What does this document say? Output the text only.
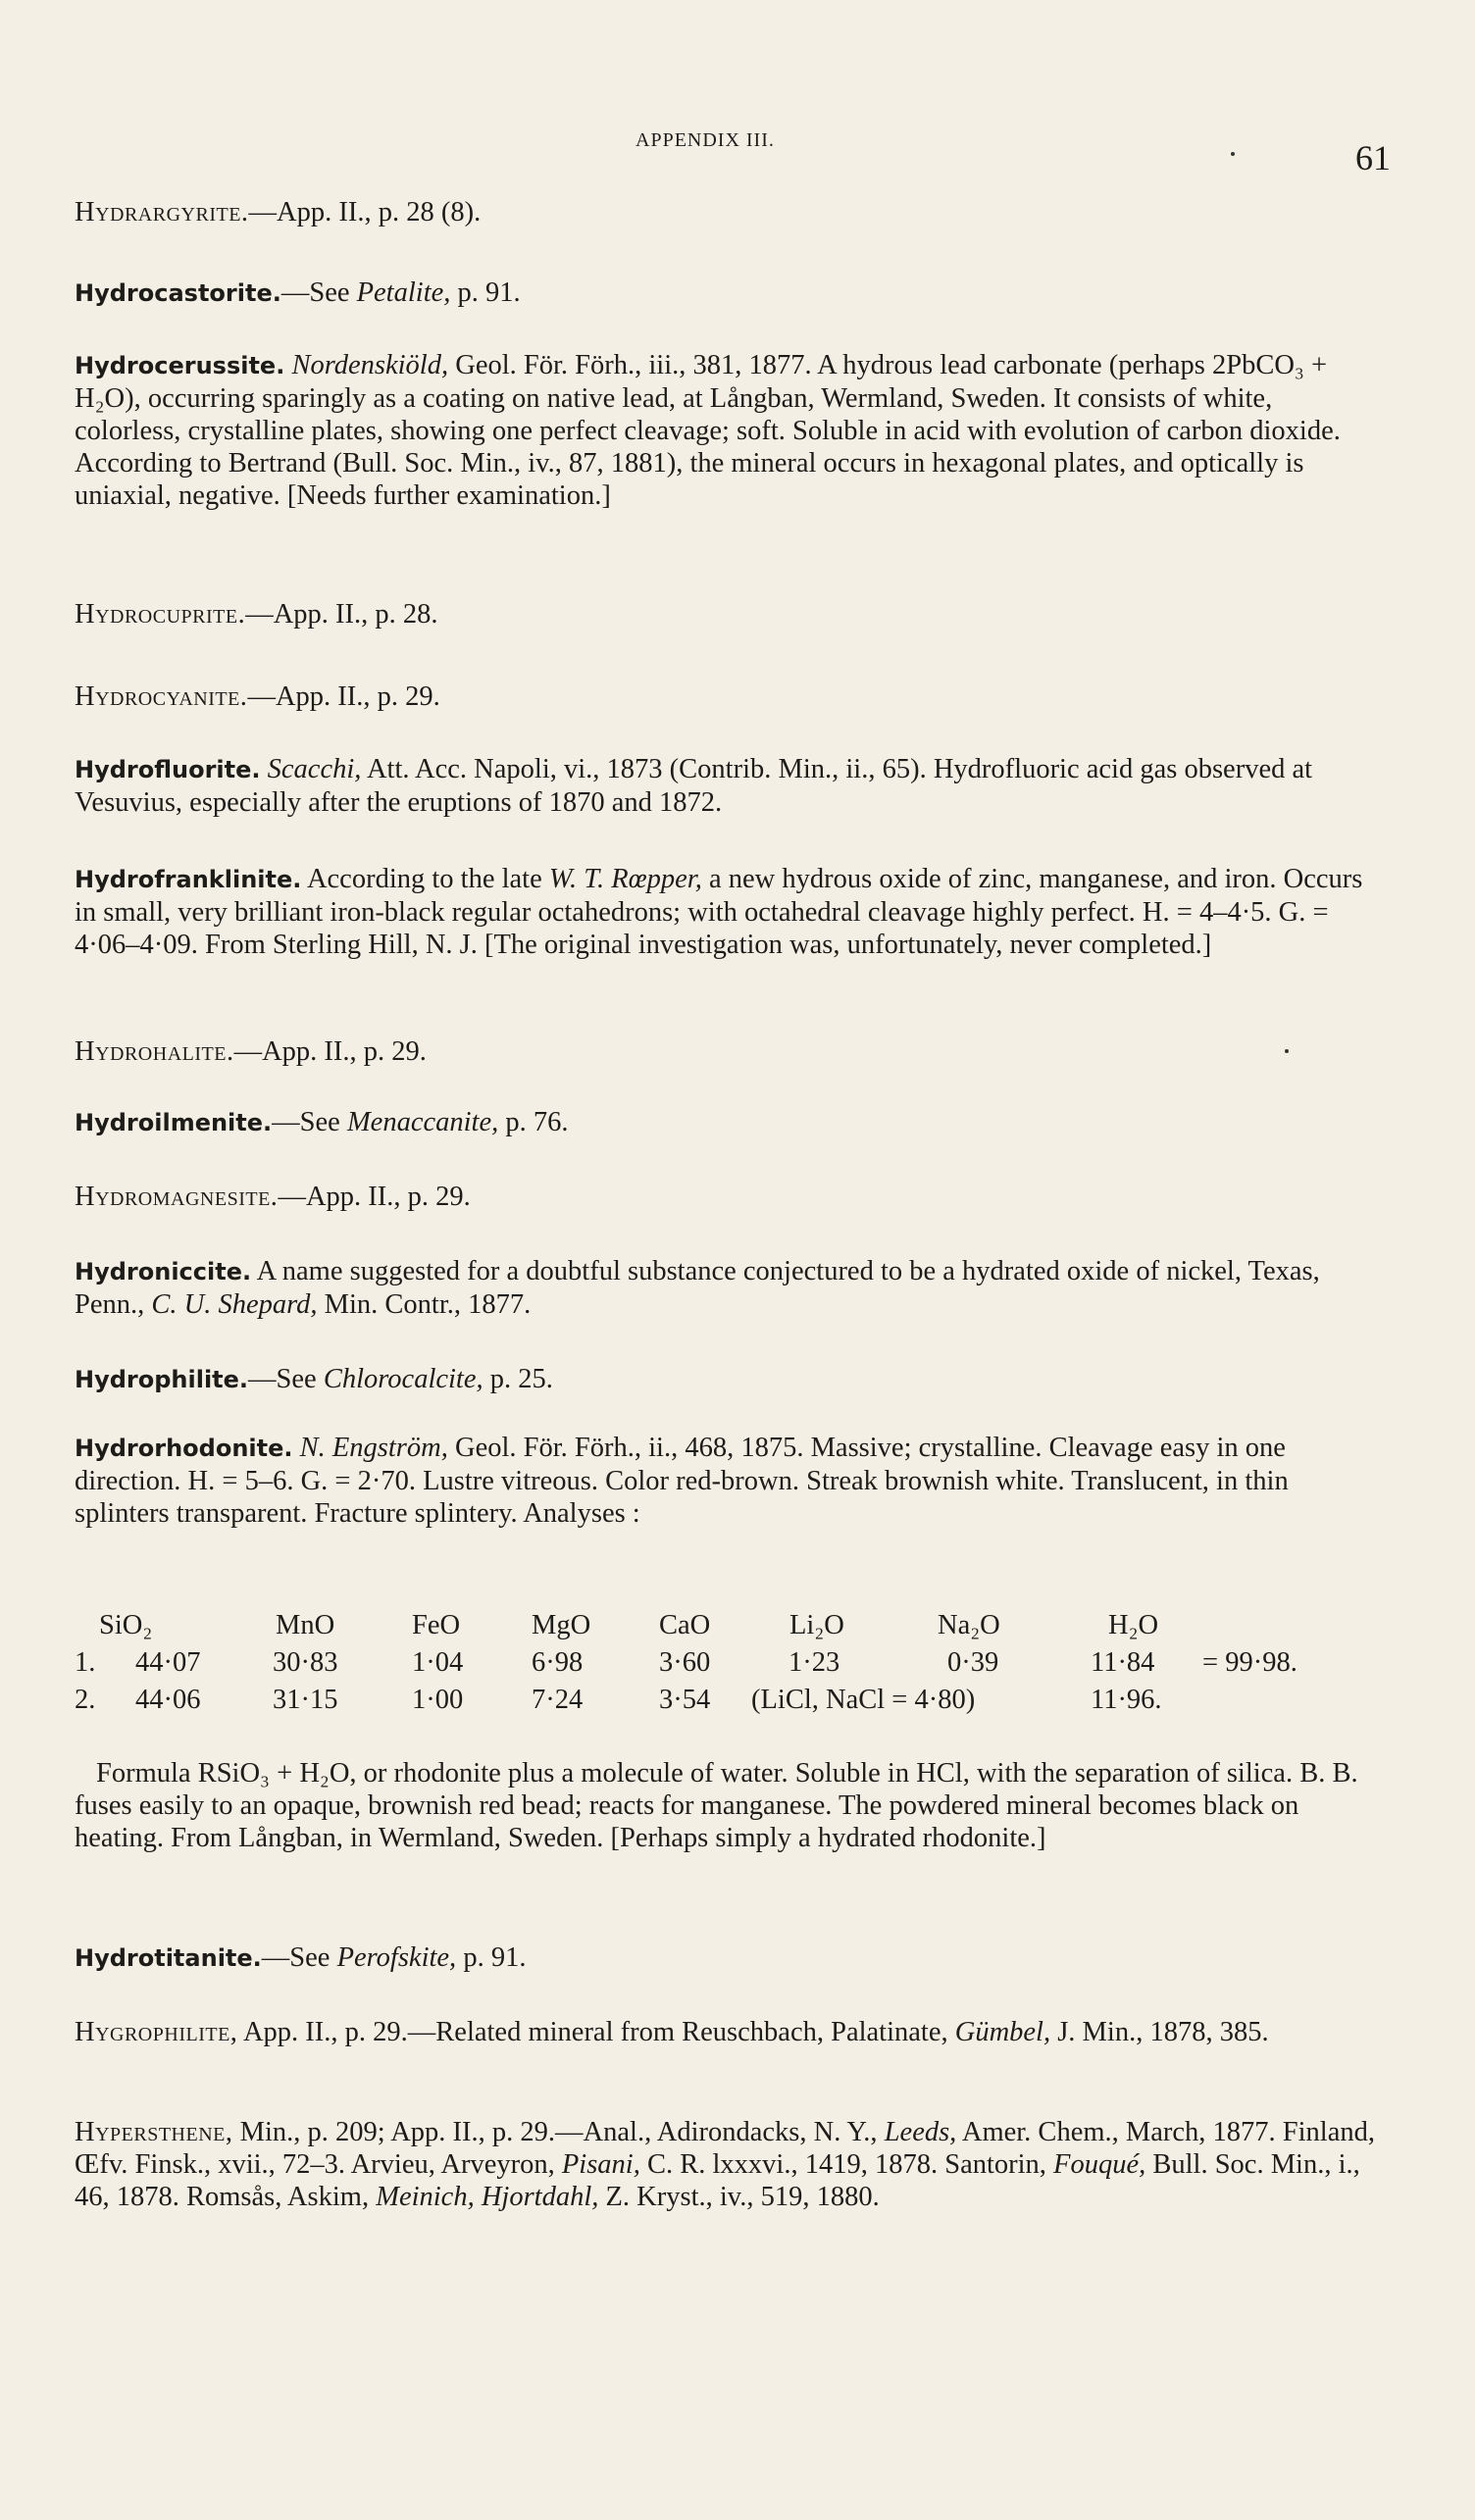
APPENDIX III.	61

Hydrargyrite.—App. II., p. 28 (8).

Hydrocastorite.—See Petalite, p. 91.

Hydrocerussite. Nordenskiöld, Geol. För. Förh., iii., 381, 1877. A hydrous lead carbonate (perhaps 2PbCO₃ + H₂O), occurring sparingly as a coating on native lead, at Långban, Wermland, Sweden. It consists of white, colorless, crystalline plates, showing one perfect cleavage; soft. Soluble in acid with evolution of carbon dioxide. According to Bertrand (Bull. Soc. Min., iv., 87, 1881), the mineral occurs in hexagonal plates, and optically is uniaxial, negative. [Needs further examination.]

Hydrocuprite.—App. II., p. 28.

Hydrocyanite.—App. II., p. 29.

Hydrofluorite. Scacchi, Att. Acc. Napoli, vi., 1873 (Contrib. Min., ii., 65). Hydrofluoric acid gas observed at Vesuvius, especially after the eruptions of 1870 and 1872.

Hydrofranklinite. According to the late W. T. Rœpper, a new hydrous oxide of zinc, manganese, and iron. Occurs in small, very brilliant iron-black regular octahedrons; with octahedral cleavage highly perfect. H. = 4–4·5. G. = 4·06–4·09. From Sterling Hill, N. J. [The original investigation was, unfortunately, never completed.]

Hydrohalite.—App. II., p. 29.

Hydroilmenite.—See Menaccanite, p. 76.

Hydromagnesite.—App. II., p. 29.

Hydroniccite. A name suggested for a doubtful substance conjectured to be a hydrated oxide of nickel, Texas, Penn., C. U. Shepard, Min. Contr., 1877.

Hydrophilite.—See Chlorocalcite, p. 25.

Hydrorhodonite. N. Engström, Geol. För. Förh., ii., 468, 1875. Massive; crystalline. Cleavage easy in one direction. H. = 5–6. G. = 2·70. Lustre vitreous. Color red-brown. Streak brownish white. Translucent, in thin splinters transparent. Fracture splintery. Analyses :

Formula RSiO₃ + H₂O, or rhodonite plus a molecule of water. Soluble in HCl, with the separation of silica. B. B. fuses easily to an opaque, brownish red bead; reacts for manganese. The powdered mineral becomes black on heating. From Långban, in Wermland, Sweden. [Perhaps simply a hydrated rhodonite.]

Hydrotitanite.—See Perofskite, p. 91.

Hygrophilite, App. II., p. 29.—Related mineral from Reuschbach, Palatinate, Gümbel, J. Min., 1878, 385.

Hypersthene, Min., p. 209; App. II., p. 29.—Anal., Adirondacks, N. Y., Leeds, Amer. Chem., March, 1877. Finland, Œfv. Finsk., xvii., 72–3. Arvieu, Arveyron, Pisani, C. R. lxxxvi., 1419, 1878. Santorin, Fouqué, Bull. Soc. Min., i., 46, 1878. Romsås, Askim, Meinich, Hjortdahl, Z. Kryst., iv., 519, 1880.

SiO₂	MnO	FeO	MgO CaO	Li₂O	Na₂O	H₂O
1. 44·07	30·83	1·04 6·98	3·60	1·23	0·39	11·84 = 99·98.
2. 44·06	31·15	1·00 7·24	3·54 (LiCl, NaCl = 4·80)	11·96.
